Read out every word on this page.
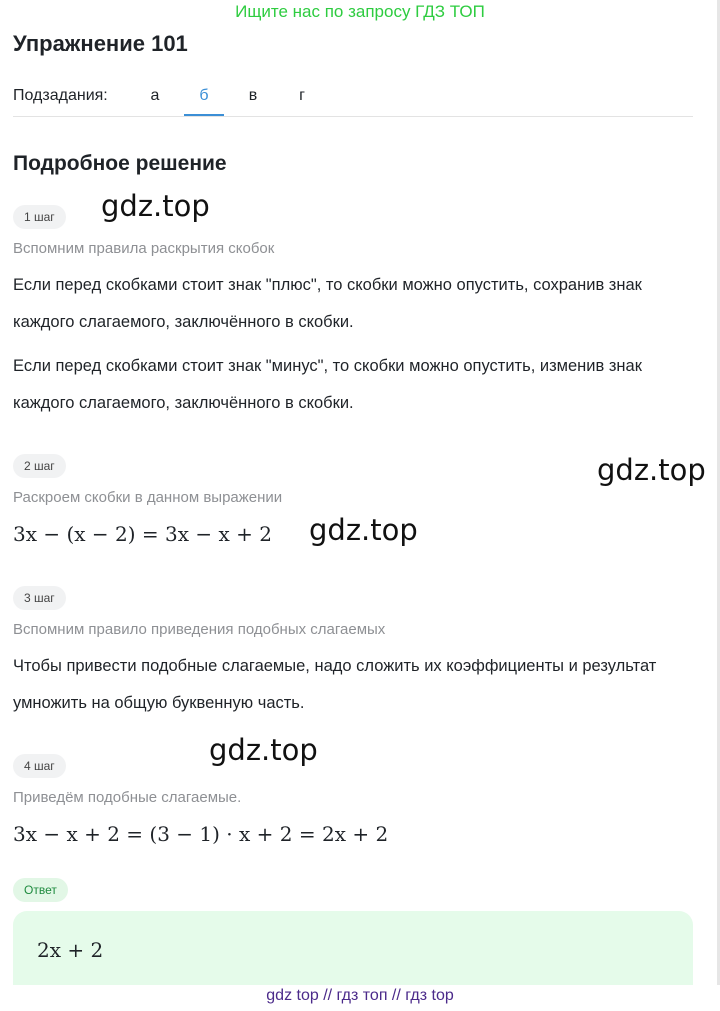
Ищите нас по запросу ГДЗ ТОП
Упражнение 101
Подзадания:	а	б	в	г
Подробное решение
1 шаг
Вспомним правила раскрытия скобок

Если перед скобками стоит знак "плюс", то скобки можно опустить, сохранив знак каждого слагаемого, заключённого в скобки.

Если перед скобками стоит знак "минус", то скобки можно опустить, изменив знак каждого слагаемого, заключённого в скобки.

2 шаг
Раскроем скобки в данном выражении
3x − (x − 2) = 3x − x + 2
3 шаг
Вспомним правило приведения подобных слагаемых

Чтобы привести подобные слагаемые, надо сложить их коэффициенты и результат умножить на общую буквенную часть.

4 шаг
Приведём подобные слагаемые.
3x − x + 2 = (3 − 1) · x + 2 = 2x + 2
Ответ
2x + 2
gdz.top
gdz.top
gdz.top
gdz.top
gdz top // гдз топ // гдз top
